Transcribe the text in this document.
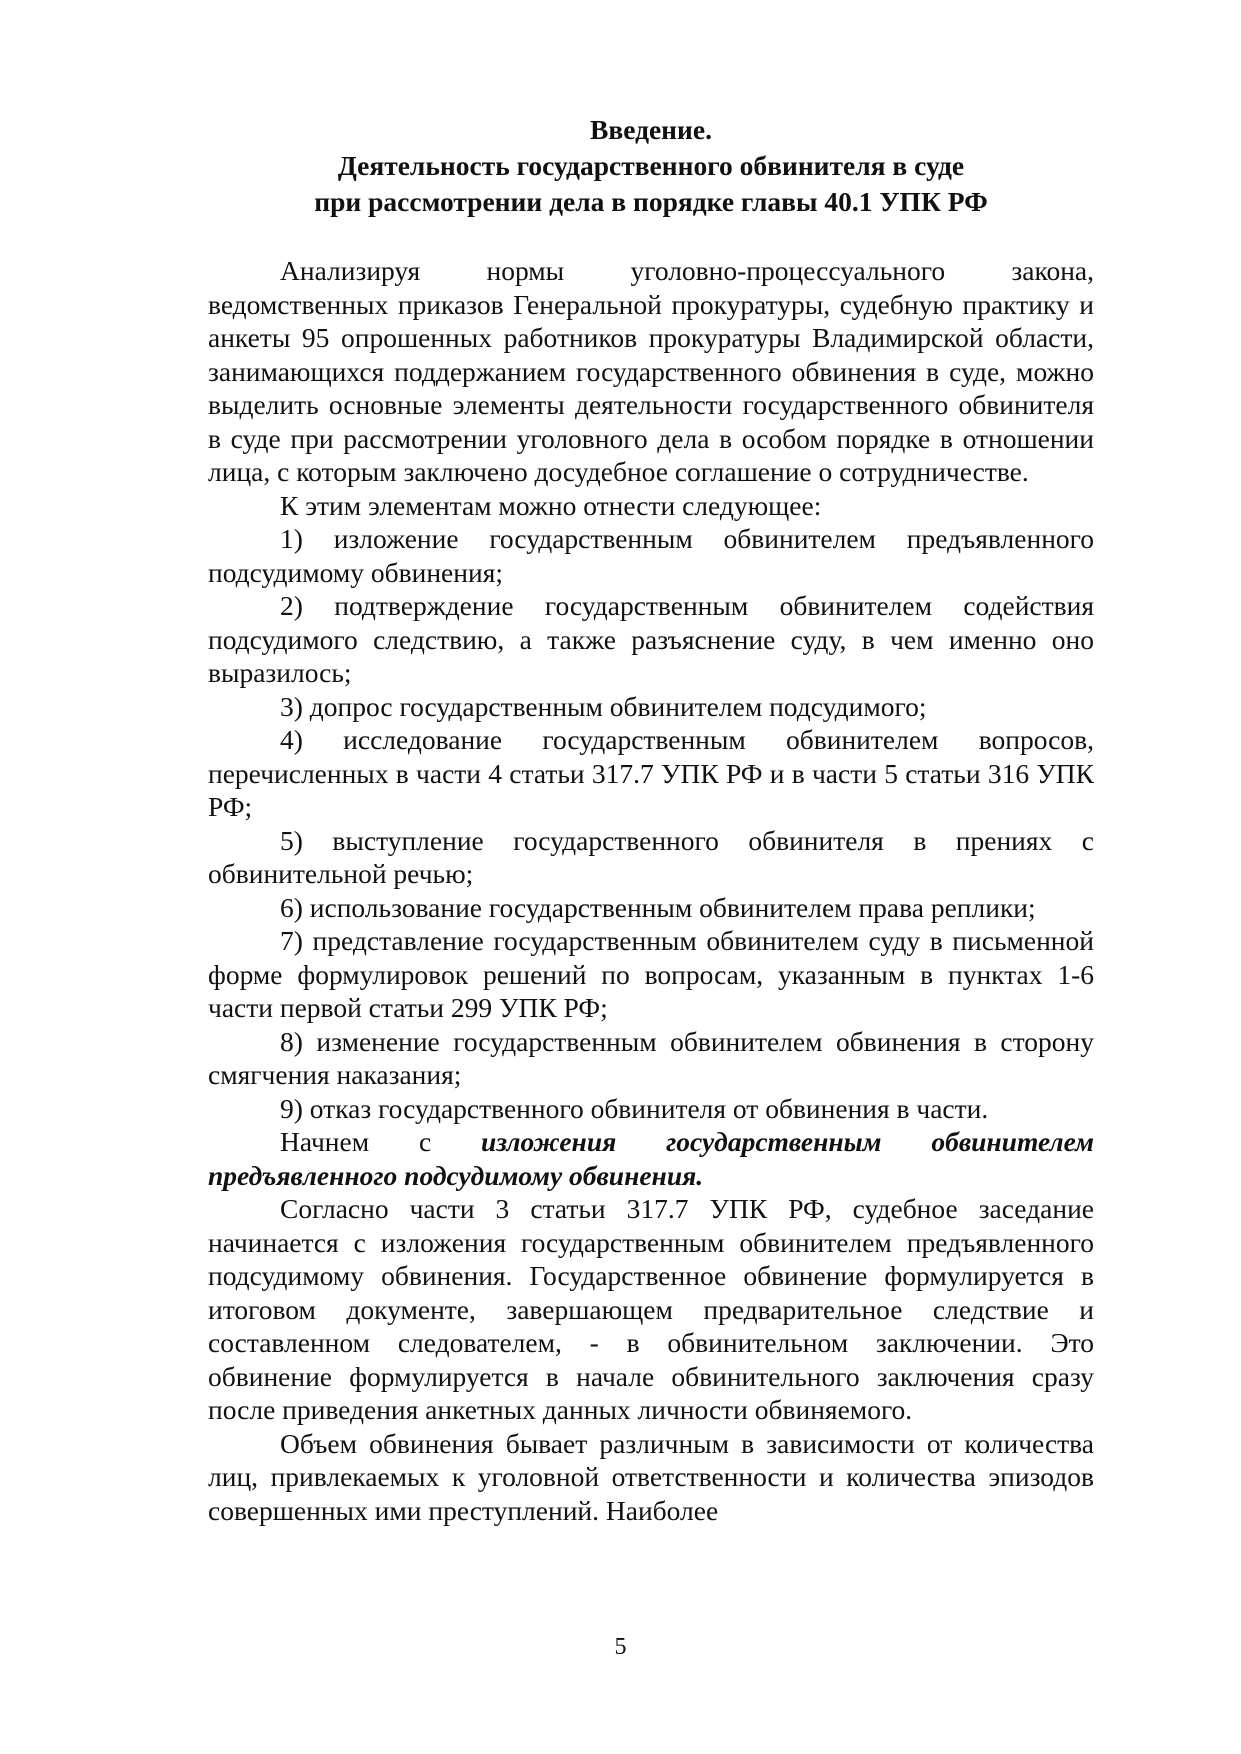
Введение.
Деятельность государственного обвинителя в суде
при рассмотрении дела в порядке главы 40.1 УПК РФ

Анализируя нормы уголовно-процессуального закона, ведомственных приказов Генеральной прокуратуры, судебную практику и анкеты 95 опрошенных работников прокуратуры Владимирской области, занимающихся поддержанием государственного обвинения в суде, можно выделить основные элементы деятельности государственного обвинителя в суде при рассмотрении уголовного дела в особом порядке в отношении лица, с которым заключено досудебное соглашение о сотрудничестве.

К этим элементам можно отнести следующее:

1) изложение государственным обвинителем предъявленного подсудимому обвинения;

2) подтверждение государственным обвинителем содействия подсудимого следствию, а также разъяснение суду, в чем именно оно выразилось;

3) допрос государственным обвинителем подсудимого;

4) исследование государственным обвинителем вопросов, перечисленных в части 4 статьи 317.7 УПК РФ и в части 5 статьи 316 УПК РФ;

5) выступление государственного обвинителя в прениях с обвинительной речью;

6) использование государственным обвинителем права реплики;

7) представление государственным обвинителем суду в письменной форме формулировок решений по вопросам, указанным в пунктах 1-6 части первой статьи 299 УПК РФ;

8) изменение государственным обвинителем обвинения в сторону смягчения наказания;

9) отказ государственного обвинителя от обвинения в части.

Начнем с изложения государственным обвинителем предъявленного подсудимому обвинения.

Согласно части 3 статьи 317.7 УПК РФ, судебное заседание начинается с изложения государственным обвинителем предъявленного подсудимому обвинения. Государственное обвинение формулируется в итоговом документе, завершающем предварительное следствие и составленном следователем, - в обвинительном заключении. Это обвинение формулируется в начале обвинительного заключения сразу после приведения анкетных данных личности обвиняемого.

Объем обвинения бывает различным в зависимости от количества лиц, привлекаемых к уголовной ответственности и количества эпизодов совершенных ими преступлений. Наиболее

5
